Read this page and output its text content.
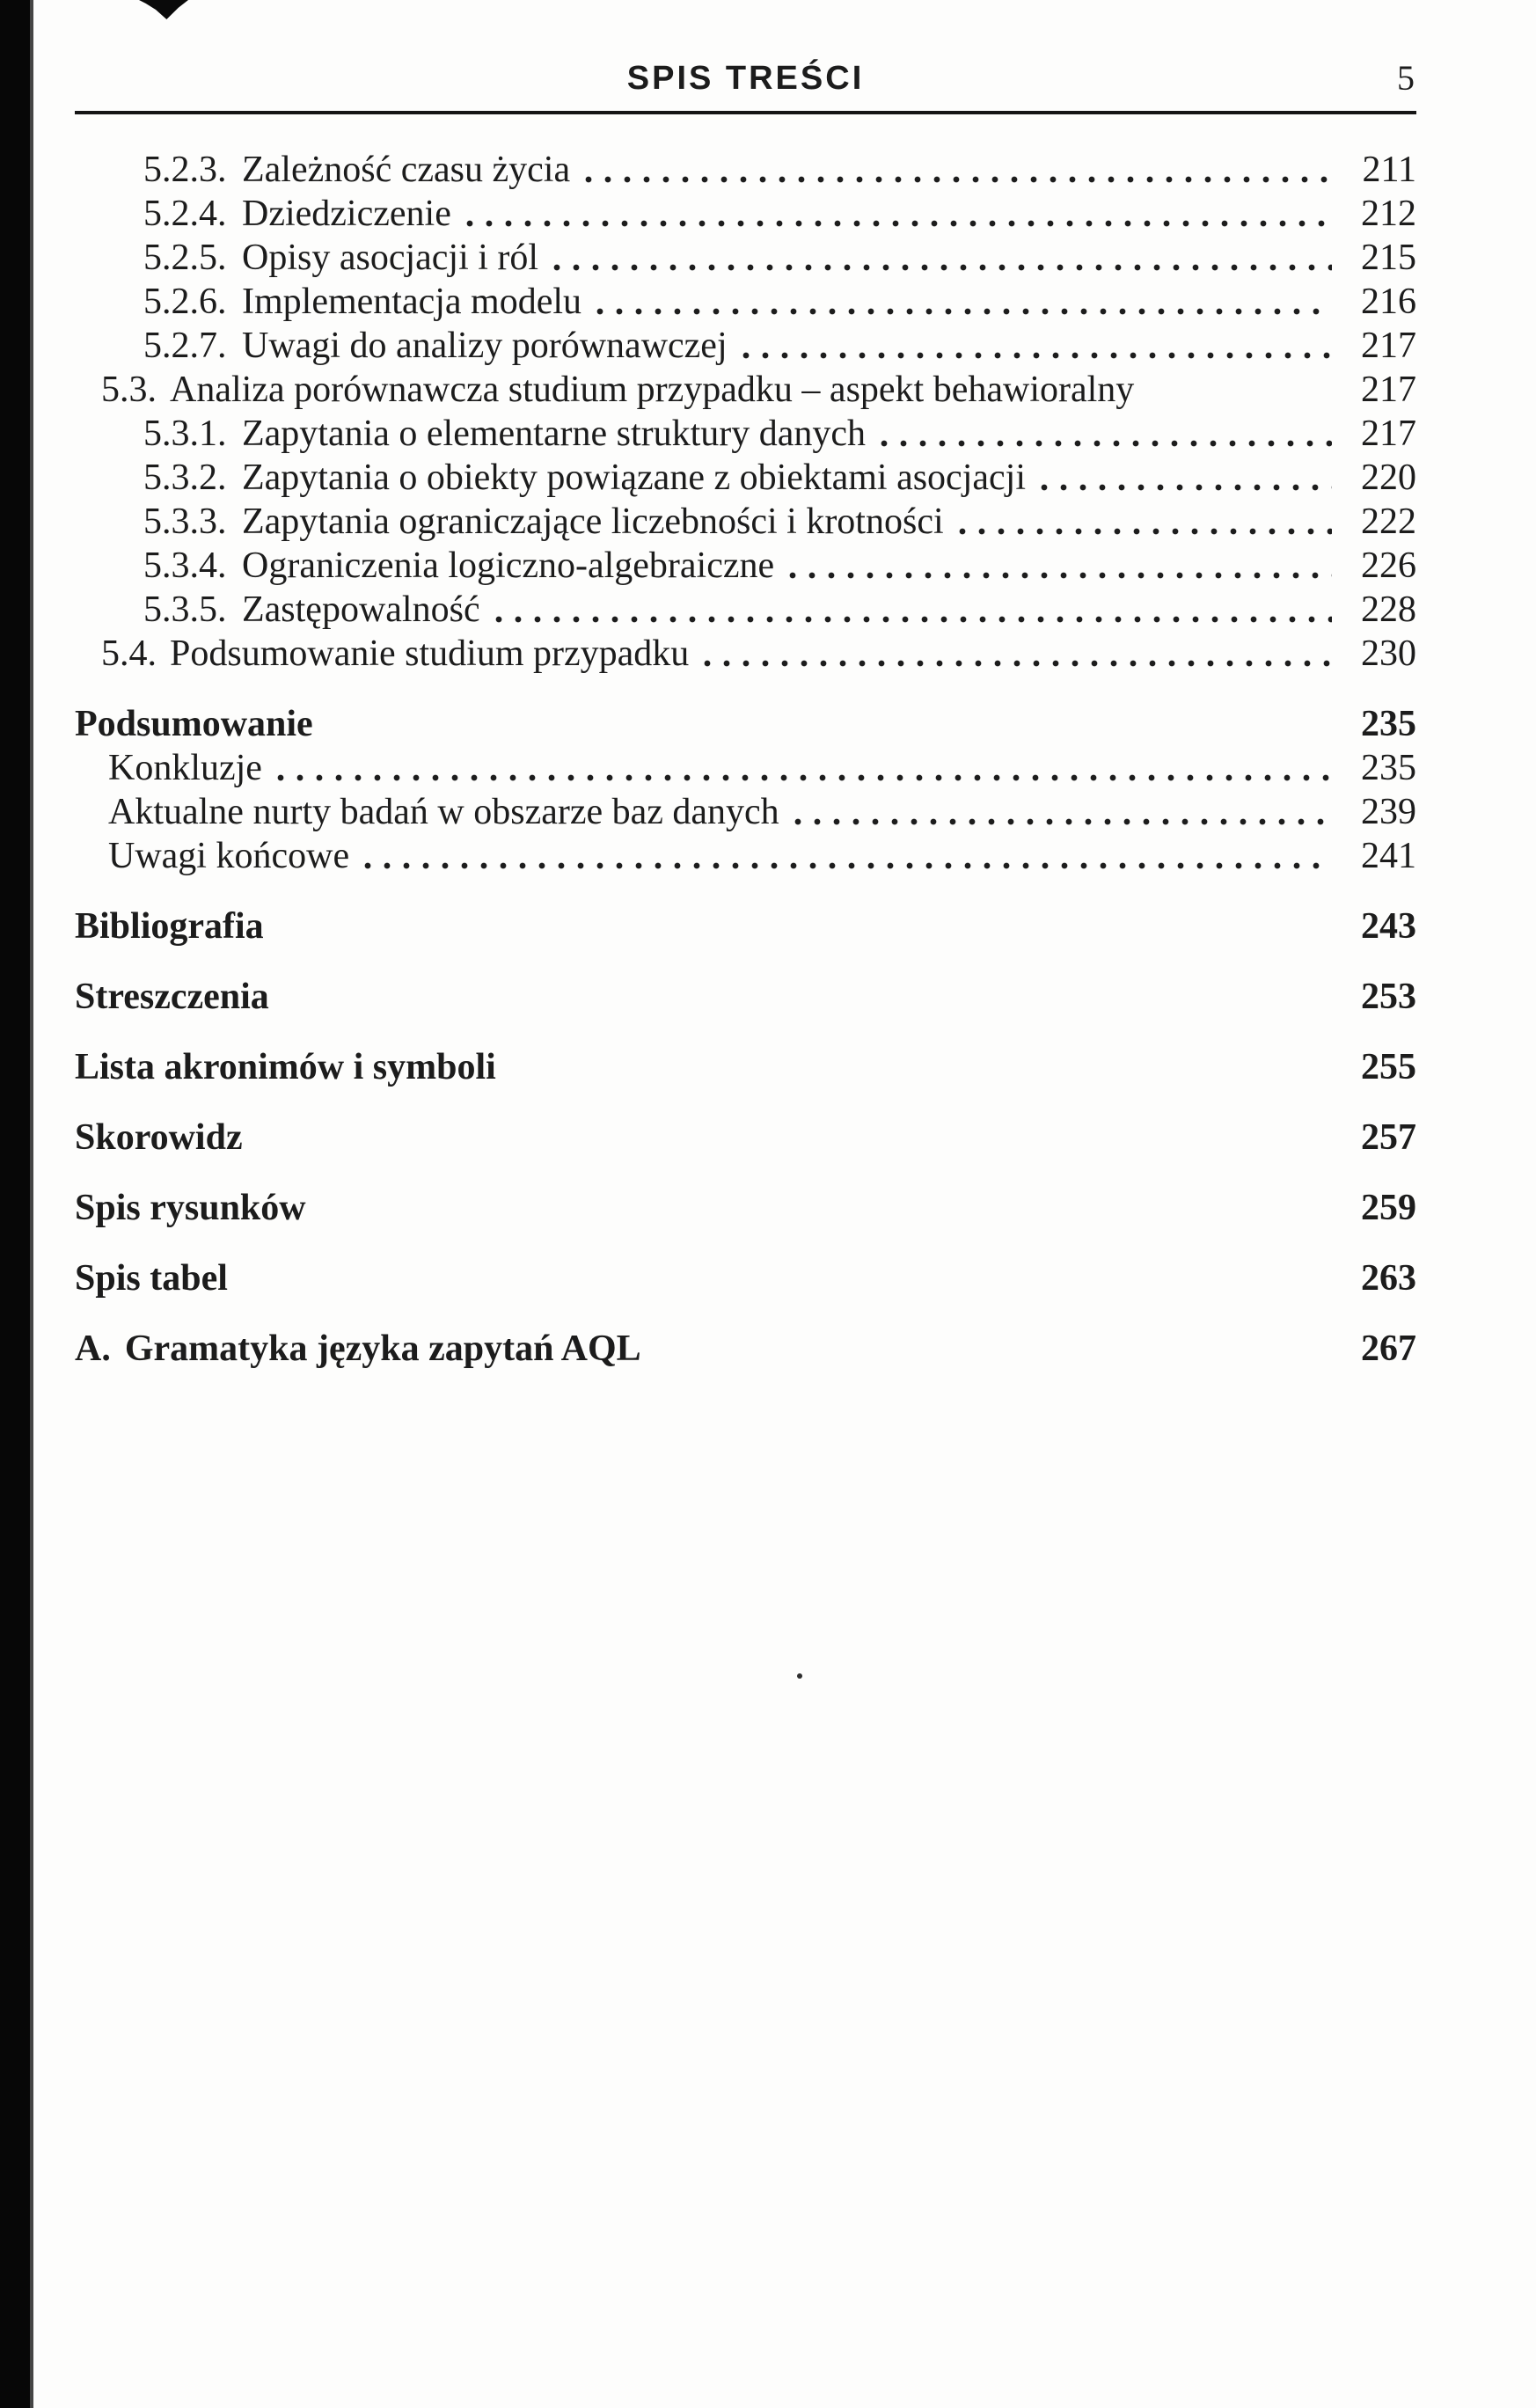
SPIS TREŚCI	5
5.2.3. Zależność czasu życia	211
5.2.4. Dziedziczenie	212
5.2.5. Opisy asocjacji i ról	215
5.2.6. Implementacja modelu	216
5.2.7. Uwagi do analizy porównawczej	217
5.3. Analiza porównawcza studium przypadku – aspekt behawioralny	217
5.3.1. Zapytania o elementarne struktury danych	217
5.3.2. Zapytania o obiekty powiązane z obiektami asocjacji	220
5.3.3. Zapytania ograniczające liczebności i krotności	222
5.3.4. Ograniczenia logiczno-algebraiczne	226
5.3.5. Zastępowalność	228
5.4. Podsumowanie studium przypadku	230
Podsumowanie	235
Konkluzje	235
Aktualne nurty badań w obszarze baz danych	239
Uwagi końcowe	241
Bibliografia	243
Streszczenia	253
Lista akronimów i symboli	255
Skorowidz	257
Spis rysunków	259
Spis tabel	263
A. Gramatyka języka zapytań AQL	267
